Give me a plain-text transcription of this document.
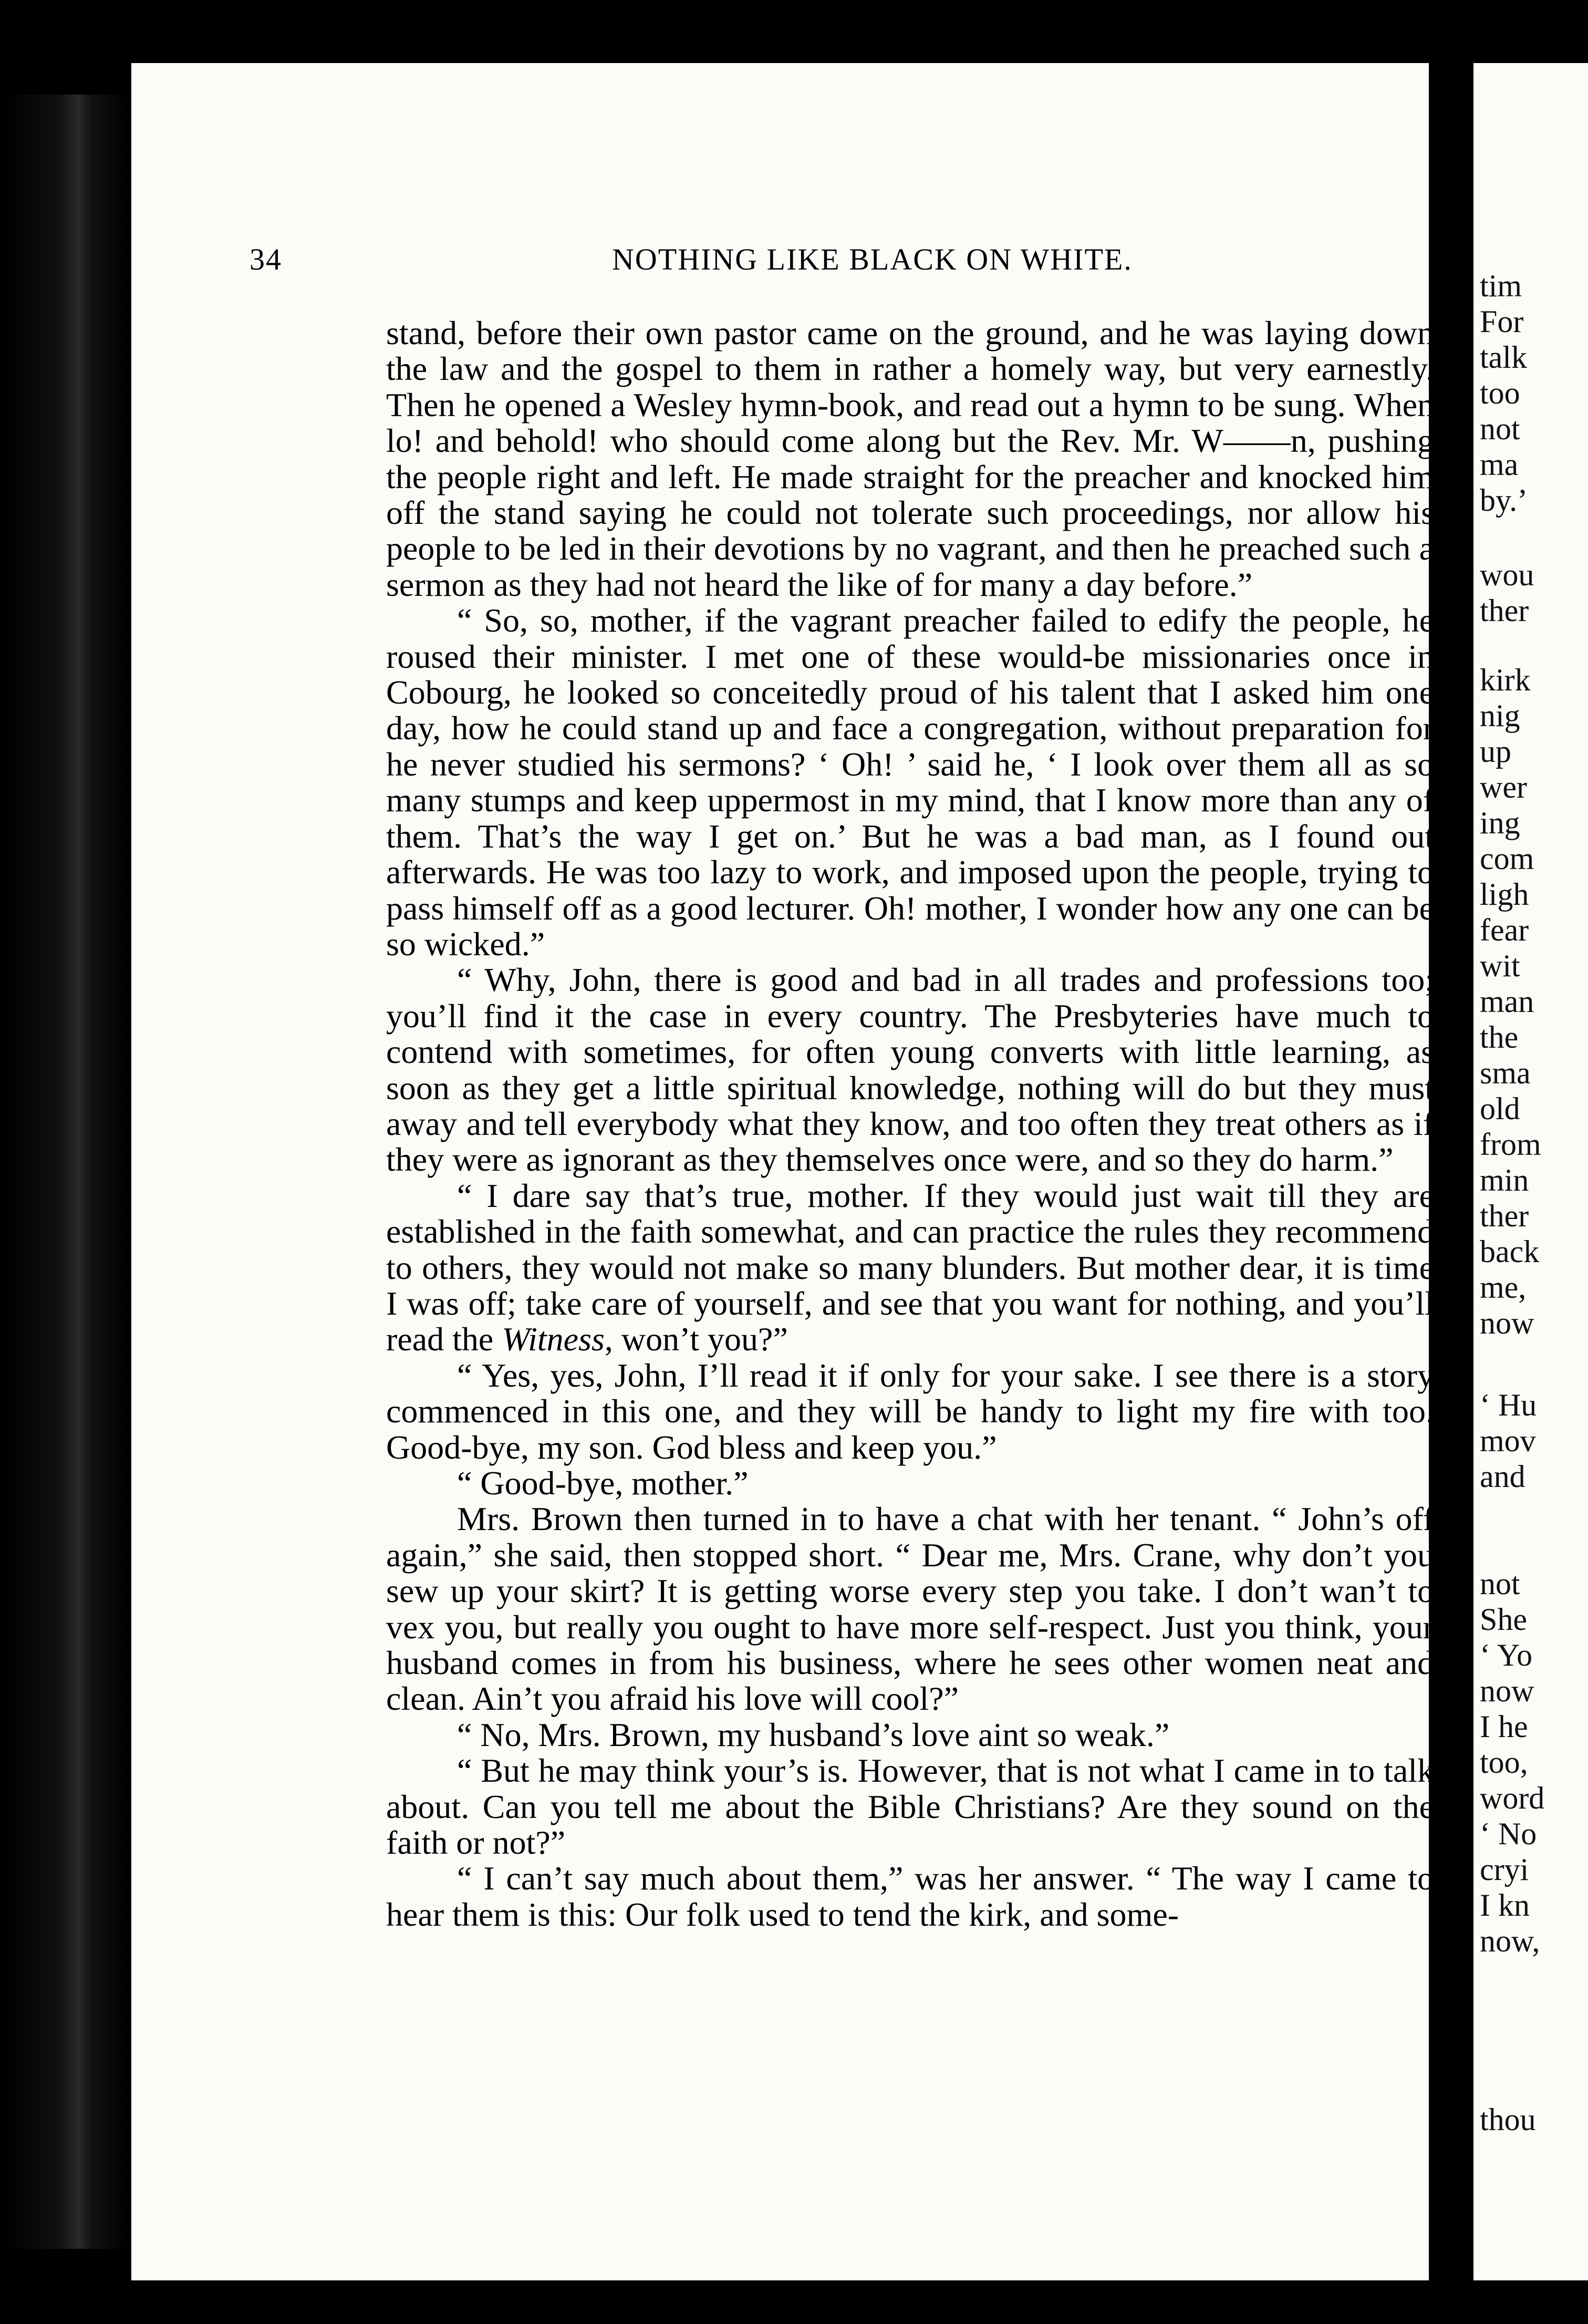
34	NOTHING LIKE BLACK ON WHITE.

stand, before their own pastor came on the ground, and he was laying down the law and the gospel to them in rather a homely way, but very earnestly. Then he opened a Wesley hymn-book, and read out a hymn to be sung. When lo! and behold! who should come along but the Rev. Mr. W——n, pushing the people right and left. He made straight for the preacher and knocked him off the stand saying he could not tolerate such proceedings, nor allow his people to be led in their devotions by no vagrant, and then he preached such a sermon as they had not heard the like of for many a day before.”

“ So, so, mother, if the vagrant preacher failed to edify the people, he roused their minister. I met one of these would-be missionaries once in Cobourg, he looked so conceitedly proud of his talent that I asked him one day, how he could stand up and face a congregation, without preparation for he never studied his sermons? ‘ Oh! ’ said he, ‘ I look over them all as so many stumps and keep uppermost in my mind, that I know more than any of them. That’s the way I get on.’ But he was a bad man, as I found out afterwards. He was too lazy to work, and imposed upon the people, trying to pass himself off as a good lecturer. Oh! mother, I wonder how any one can be so wicked.”

“ Why, John, there is good and bad in all trades and professions too; you’ll find it the case in every country. The Presbyteries have much to contend with sometimes, for often young converts with little learning, as soon as they get a little spiritual knowledge, nothing will do but they must away and tell everybody what they know, and too often they treat others as if they were as ignorant as they themselves once were, and so they do harm.”

“ I dare say that’s true, mother. If they would just wait till they are established in the faith somewhat, and can practice the rules they recommend to others, they would not make so many blunders. But mother dear, it is time I was off; take care of yourself, and see that you want for nothing, and you’ll read the Witness, won’t you?”

“ Yes, yes, John, I’ll read it if only for your sake. I see there is a story commenced in this one, and they will be handy to light my fire with too. Good-bye, my son. God bless and keep you.”

“ Good-bye, mother.”

Mrs. Brown then turned in to have a chat with her tenant. “ John’s off again,” she said, then stopped short. “ Dear me, Mrs. Crane, why don’t you sew up your skirt? It is getting worse every step you take. I don’t wan’t to vex you, but really you ought to have more self-respect. Just you think, your husband comes in from his business, where he sees other women neat and clean. Ain’t you afraid his love will cool?”

“ No, Mrs. Brown, my husband’s love aint so weak.”

“ But he may think your’s is. However, that is not what I came in to talk about. Can you tell me about the Bible Christians? Are they sound on the faith or not?”

“ I can’t say much about them,” was her answer. “ The way I came to hear them is this: Our folk used to tend the kirk, and some-

tim
For
talk
too
not
ma
by.’
wou
ther
kirk
nig
up
wer
ing
com
ligh
fear
wit
man
the
sma
old
from
min
ther
back
me,
now
‘ Hu
mov
and
not
She
‘ Yo
now
I he
too,
word
‘ No
cryi
I kn
now,
thou
